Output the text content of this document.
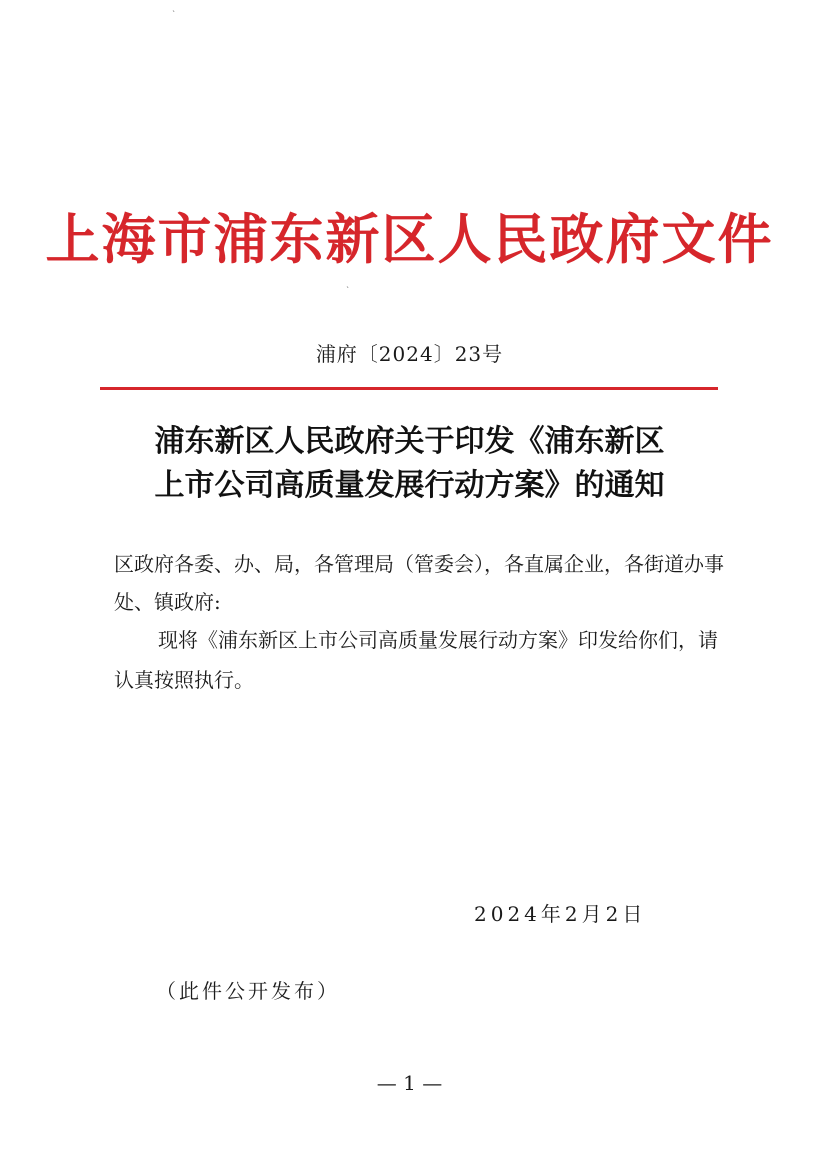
ˋ
ˋ
上海市浦东新区人民政府文件
浦府〔2024〕23号
浦东新区人民政府关于印发《浦东新区
上市公司高质量发展行动方案》的通知
区政府各委、办、局，各管理局（管委会），各直属企业，各街道办事处、镇政府:
现将《浦东新区上市公司高质量发展行动方案》印发给你们，请认真按照执行。
2024年2月2日
（此件公开发布）
— 1 —
